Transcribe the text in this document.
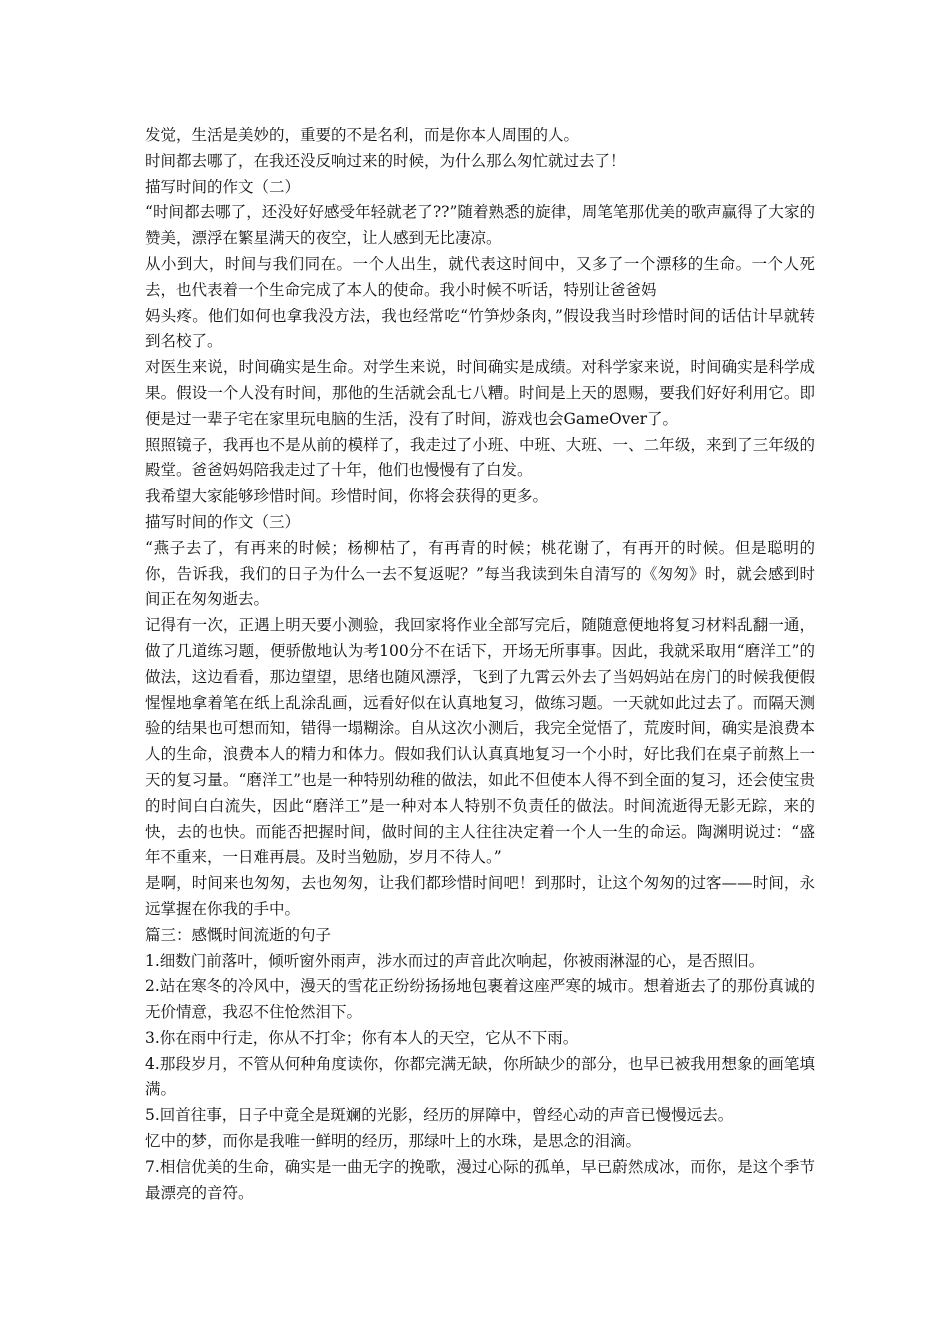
发觉，生活是美妙的，重要的不是名利，而是你本人周围的人。

时间都去哪了，在我还没反响过来的时候，为什么那么匆忙就过去了！

描写时间的作文（二）

“时间都去哪了，还没好好感受年轻就老了??”随着熟悉的旋律，周笔笔那优美的歌声赢得了大家的赞美，漂浮在繁星满天的夜空，让人感到无比凄凉。

从小到大，时间与我们同在。一个人出生，就代表这时间中，又多了一个漂移的生命。一个人死去，也代表着一个生命完成了本人的使命。我小时候不听话，特别让爸爸妈

妈头疼。他们如何也拿我没方法，我也经常吃“竹笋炒条肉，”假设我当时珍惜时间的话估计早就转到名校了。

对医生来说，时间确实是生命。对学生来说，时间确实是成绩。对科学家来说，时间确实是科学成果。假设一个人没有时间，那他的生活就会乱七八糟。时间是上天的恩赐，要我们好好利用它。即便是过一辈子宅在家里玩电脑的生活，没有了时间，游戏也会GameOver了。

照照镜子，我再也不是从前的模样了，我走过了小班、中班、大班、一、二年级，来到了三年级的殿堂。爸爸妈妈陪我走过了十年，他们也慢慢有了白发。

我希望大家能够珍惜时间。珍惜时间，你将会获得的更多。

描写时间的作文（三）

“燕子去了，有再来的时候；杨柳枯了，有再青的时候；桃花谢了，有再开的时候。但是聪明的你，告诉我，我们的日子为什么一去不复返呢？”每当我读到朱自清写的《匆匆》时，就会感到时间正在匆匆逝去。

记得有一次，正遇上明天要小测验，我回家将作业全部写完后，随随意便地将复习材料乱翻一通，做了几道练习题，便骄傲地认为考100分不在话下，开场无所事事。因此，我就采取用“磨洋工”的做法，这边看看，那边望望，思绪也随风漂浮，飞到了九霄云外去了当妈妈站在房门的时候我便假惺惺地拿着笔在纸上乱涂乱画，远看好似在认真地复习，做练习题。一天就如此过去了。而隔天测验的结果也可想而知，错得一塌糊涂。自从这次小测后，我完全觉悟了，荒废时间，确实是浪费本人的生命，浪费本人的精力和体力。假如我们认认真真地复习一个小时，好比我们在桌子前熬上一天的复习量。“磨洋工”也是一种特别幼稚的做法，如此不但使本人得不到全面的复习，还会使宝贵的时间白白流失，因此“磨洋工”是一种对本人特别不负责任的做法。时间流逝得无影无踪，来的快，去的也快。而能否把握时间，做时间的主人往往决定着一个人一生的命运。陶渊明说过：“盛年不重来，一日难再晨。及时当勉励，岁月不待人。”

是啊，时间来也匆匆，去也匆匆，让我们都珍惜时间吧！到那时，让这个匆匆的过客——时间，永远掌握在你我的手中。

篇三：感慨时间流逝的句子

1.细数门前落叶，倾听窗外雨声，涉水而过的声音此次响起，你被雨淋湿的心，是否照旧。

2.站在寒冬的冷风中，漫天的雪花正纷纷扬扬地包裹着这座严寒的城市。想着逝去了的那份真诚的无价情意，我忍不住怆然泪下。

3.你在雨中行走，你从不打伞；你有本人的天空，它从不下雨。

4.那段岁月，不管从何种角度读你，你都完满无缺，你所缺少的部分，也早已被我用想象的画笔填满。

5.回首往事，日子中竟全是斑斓的光影，经历的屏障中，曾经心动的声音已慢慢远去。

忆中的梦，而你是我唯一鲜明的经历，那绿叶上的水珠，是思念的泪滴。

7.相信优美的生命，确实是一曲无字的挽歌，漫过心际的孤单，早已蔚然成冰，而你，是这个季节最漂亮的音符。
